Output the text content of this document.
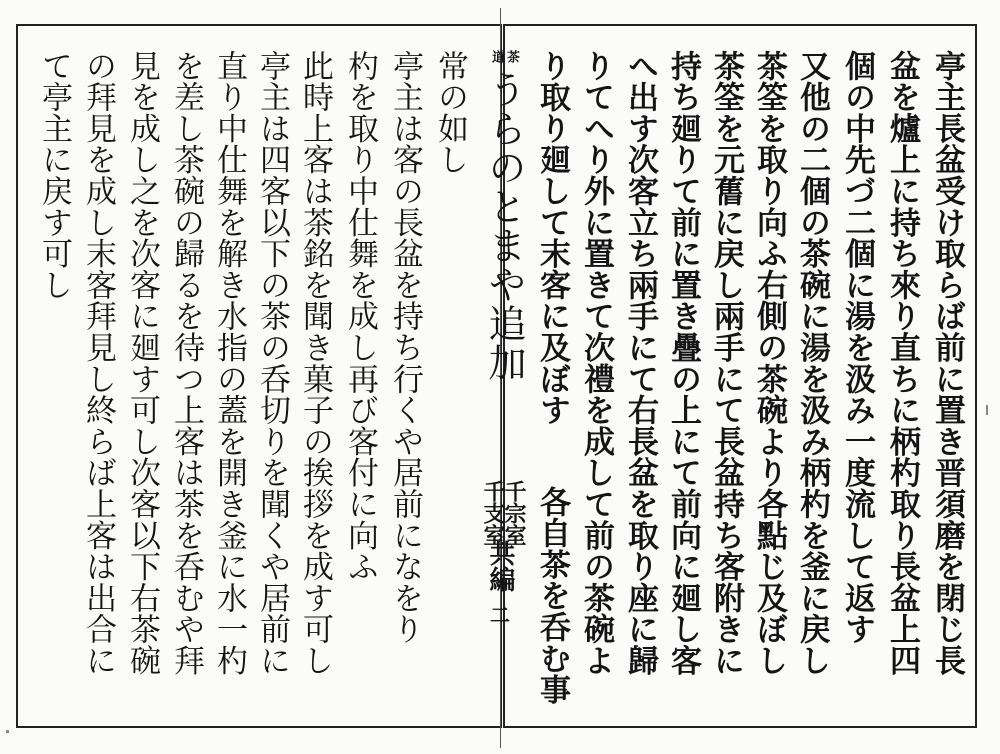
亭主長盆受け取らば前に置き晋須磨を閉じ長
盆を爐上に持ち來り直ちに柄杓取り長盆上四
個の中先づ二個に湯を汲み一度流して返す
又他の二個の茶碗に湯を汲み柄杓を釜に戻し
茶筌を取り向ふ右側の茶碗より各點じ及ぼし
茶筌を元𦾔に戻し兩手にて長盆持ち客附きに
持ち廻りて前に置き疊の上にて前向に廻し客
へ出す次客立ち兩手にて右長盆を取り座に歸
りてへり外に置きて次禮を成して前の茶碗よ
り取り廻して末客に及ぼす
各自茶を呑む事
茶
道
うらのとまや追加
千宗室
千支室
共編
二
常の如し
亭主は客の長盆を持ち行くや居前になをり
杓を取り中仕舞を成し再び客付に向ふ
此時上客は茶銘を聞き菓子の挨拶を成す可し
亭主は四客以下の茶の呑切りを聞くや居前に
直り中仕舞を解き水指の蓋を開き釜に水一杓
を差し茶碗の歸るを待つ上客は茶を呑むや拜
見を成し之を次客に廻す可し次客以下右茶碗
の拜見を成し末客拜見し終らば上客は出合に
て亭主に戻す可し
